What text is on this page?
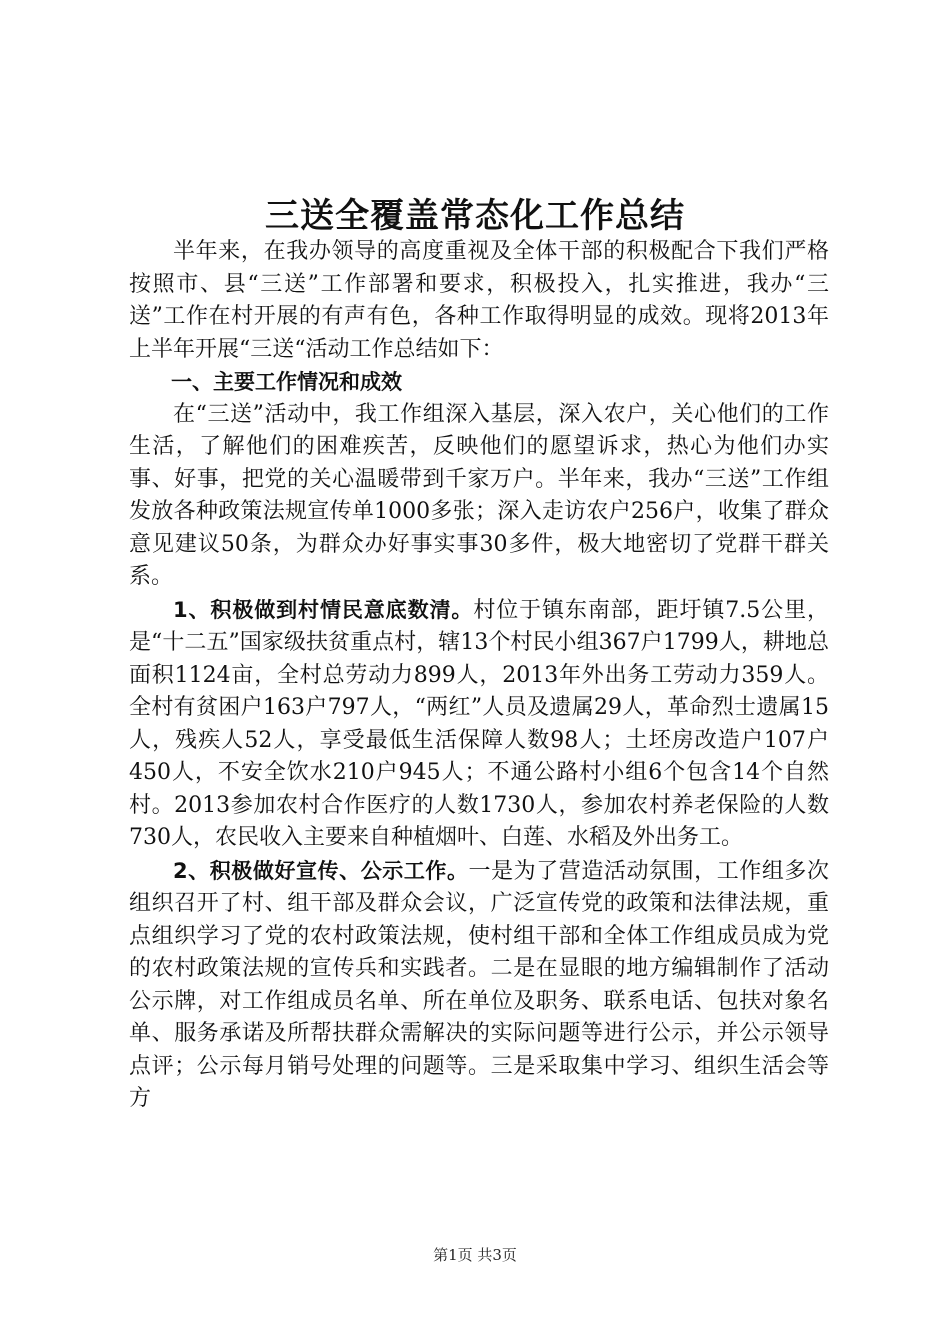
三送全覆盖常态化工作总结

半年来，在我办领导的高度重视及全体干部的积极配合下我们严格按照市、县“三送”工作部署和要求，积极投入，扎实推进，我办“三送”工作在村开展的有声有色，各种工作取得明显的成效。现将2013年上半年开展“三送“活动工作总结如下：

一、主要工作情况和成效

在“三送”活动中，我工作组深入基层，深入农户，关心他们的工作生活，了解他们的困难疾苦，反映他们的愿望诉求，热心为他们办实事、好事，把党的关心温暖带到千家万户。半年来，我办“三送”工作组发放各种政策法规宣传单1000多张；深入走访农户256户，收集了群众意见建议50条，为群众办好事实事30多件，极大地密切了党群干群关系。

1、积极做到村情民意底数清。村位于镇东南部，距圩镇7.5公里，是“十二五”国家级扶贫重点村，辖13个村民小组367户1799人，耕地总面积1124亩，全村总劳动力899人，2013年外出务工劳动力359人。全村有贫困户163户797人，“两红”人员及遗属29人，革命烈士遗属15人，残疾人52人，享受最低生活保障人数98人；土坯房改造户107户450人，不安全饮水210户945人；不通公路村小组6个包含14个自然村。2013参加农村合作医疗的人数1730人，参加农村养老保险的人数730人，农民收入主要来自种植烟叶、白莲、水稻及外出务工。

2、积极做好宣传、公示工作。一是为了营造活动氛围，工作组多次组织召开了村、组干部及群众会议，广泛宣传党的政策和法律法规，重点组织学习了党的农村政策法规，使村组干部和全体工作组成员成为党的农村政策法规的宣传兵和实践者。二是在显眼的地方编辑制作了活动公示牌，对工作组成员名单、所在单位及职务、联系电话、包扶对象名单、服务承诺及所帮扶群众需解决的实际问题等进行公示，并公示领导点评；公示每月销号处理的问题等。三是采取集中学习、组织生活会等方

第1页 共3页
